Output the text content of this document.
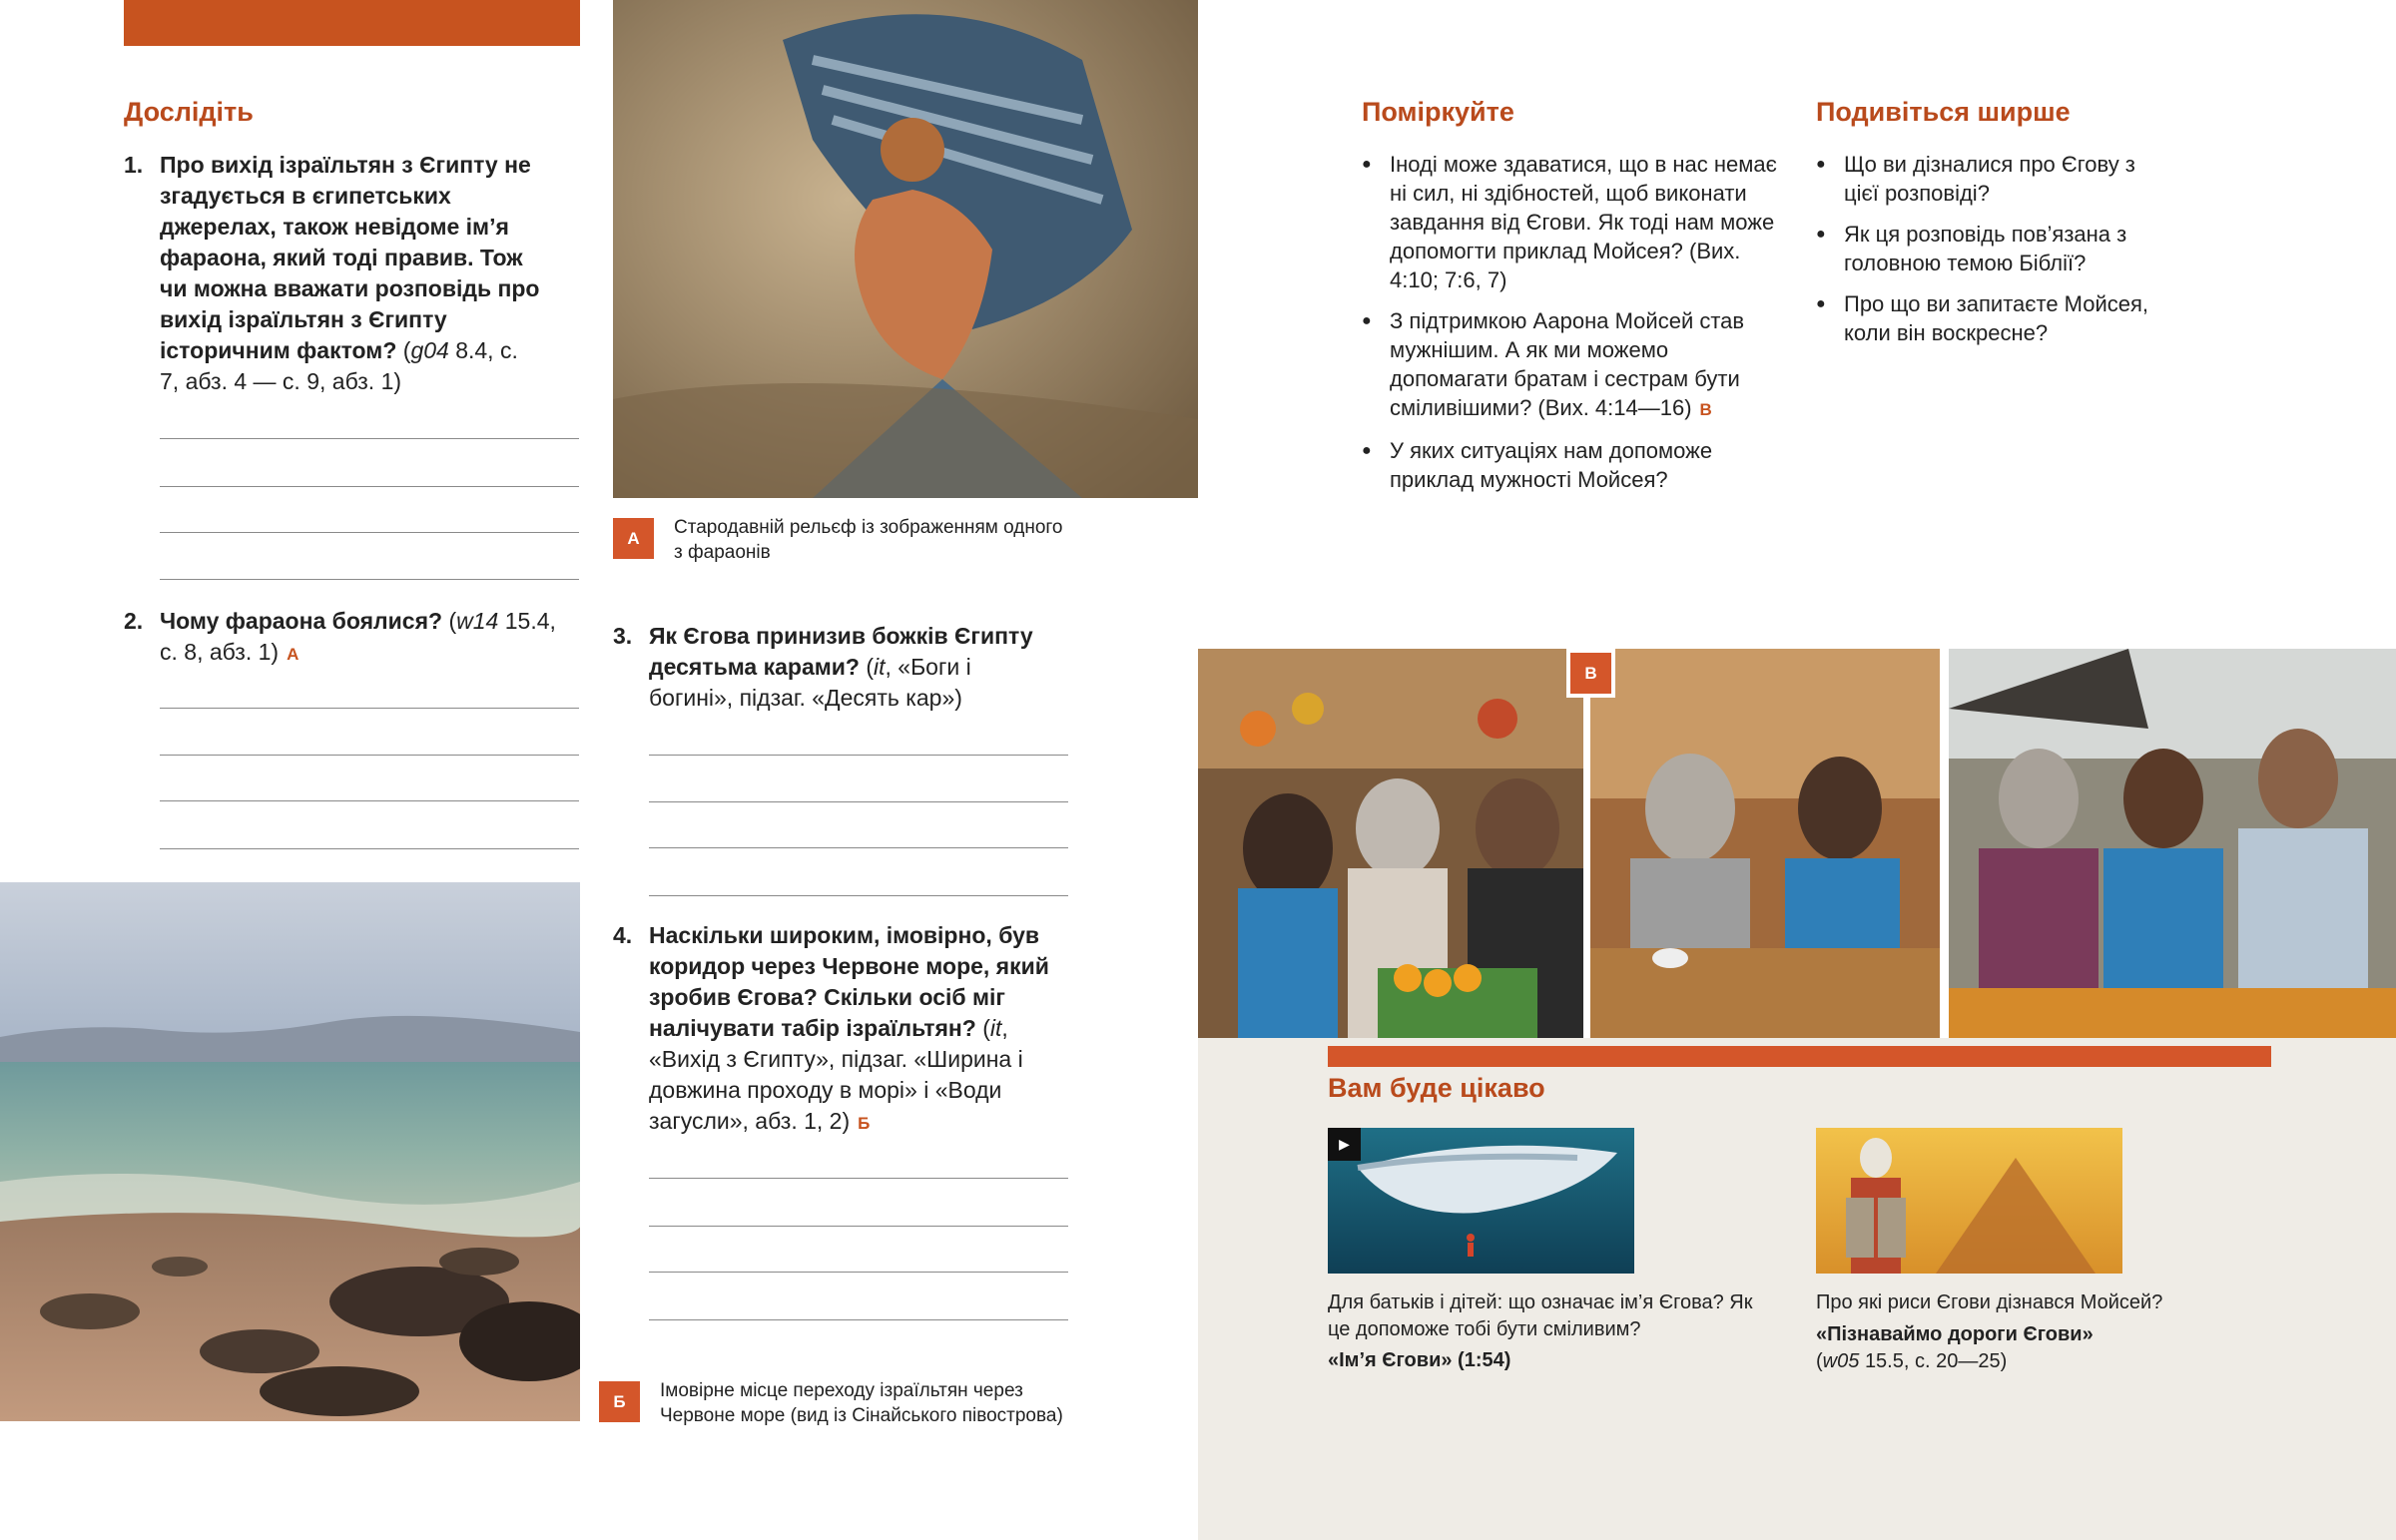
Дослідіть
1. Про вихід ізраїльтян з Єгипту не згадується в єгипетських джерелах, також невідоме ім’я фараона, який тоді правив. Тож чи можна вважати розповідь про вихід ізраїльтян з Єгипту історичним фактом? (g04 8.4, с. 7, абз. 4 — с. 9, абз. 1)
2. Чому фараона боялися? (w14 15.4, с. 8, абз. 1) А
А	Стародавній рельєф із зображенням одного з фараонів
3. Як Єгова принизив божків Єгипту десятьма карами? (it, «Боги і богині», підзаг. «Десять кар»)
4. Наскільки широким, імовірно, був коридор через Червоне море, який зробив Єгова? Скільки осіб міг налічувати табір ізраїльтян? (it, «Вихід з Єгипту», підзаг. «Ширина і довжина проходу в морі» і «Води загусли», абз. 1, 2) Б
Б	Імовірне місце переходу ізраїльтян через Червоне море (вид із Сінайського півострова)
Поміркуйте
● Іноді може здаватися, що в нас немає ні сил, ні здібностей, щоб виконати завдання від Єгови. Як тоді нам може допомогти приклад Мойсея? (Вих. 4:10; 7:6, 7)
● З підтримкою Аарона Мойсей став мужнішим. А як ми можемо допомагати братам і сестрам бути сміливішими? (Вих. 4:14—16) В
● У яких ситуаціях нам допоможе приклад мужності Мойсея?
Подивіться ширше
● Що ви дізналися про Єгову з цієї розповіді?
● Як ця розповідь пов’язана з головною темою Біблії?
● Про що ви запитаєте Мойсея, коли він воскресне?
В
Вам буде цікаво
▶
Для батьків і дітей: що означає ім’я Єгова? Як це допоможе тобі бути сміливим?
«Ім’я Єгови» (1:54)
Про які риси Єгови дізнався Мойсей?
«Пізнаваймо дороги Єгови»
(w05 15.5, с. 20—25)
